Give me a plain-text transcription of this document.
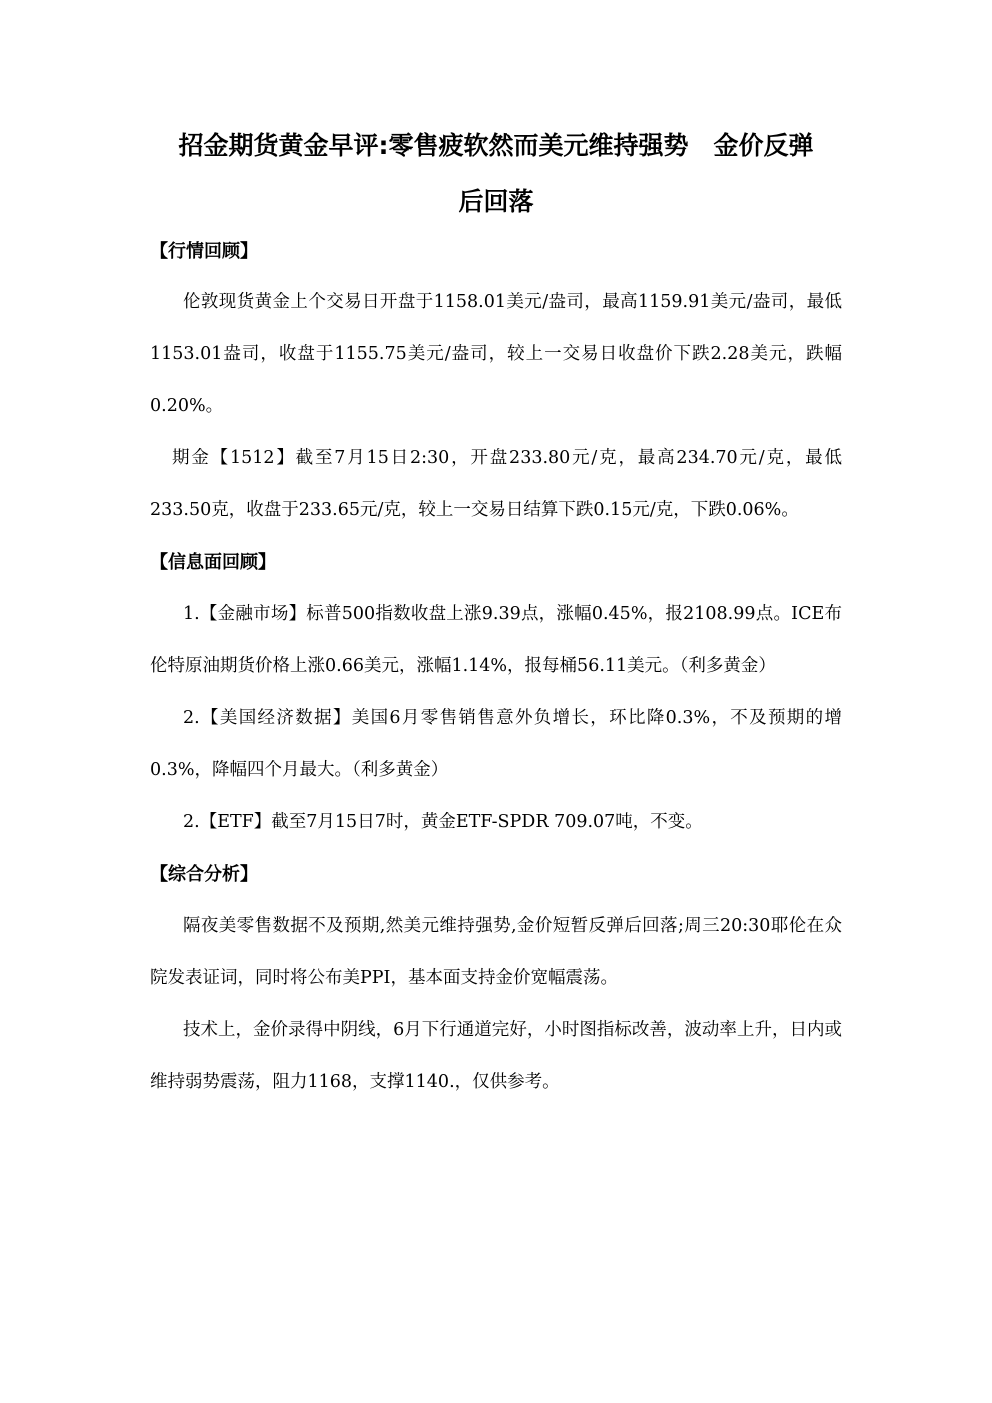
招金期货黄金早评:零售疲软然而美元维持强势　金价反弹
后回落
【行情回顾】

伦敦现货黄金上个交易日开盘于1158.01美元/盎司，最高1159.91美元/盎司，最低1153.01盎司，收盘于1155.75美元/盎司，较上一交易日收盘价下跌2.28美元，跌幅0.20%。

期金【1512】截至7月15日2:30，开盘233.80元/克，最高234.70元/克，最低233.50克，收盘于233.65元/克，较上一交易日结算下跌0.15元/克，下跌0.06%。

【信息面回顾】

1.【金融市场】标普500指数收盘上涨9.39点，涨幅0.45%，报2108.99点。ICE布伦特原油期货价格上涨0.66美元，涨幅1.14%，报每桶56.11美元。（利多黄金）

2.【美国经济数据】美国6月零售销售意外负增长，环比降0.3%，不及预期的增0.3%，降幅四个月最大。（利多黄金）

2.【ETF】截至7月15日7时，黄金ETF-SPDR 709.07吨，不变。

【综合分析】

隔夜美零售数据不及预期,然美元维持强势,金价短暂反弹后回落;周三20:30耶伦在众院发表证词，同时将公布美PPI，基本面支持金价宽幅震荡。

技术上，金价录得中阴线，6月下行通道完好，小时图指标改善，波动率上升，日内或维持弱势震荡，阻力1168，支撑1140.，仅供参考。
